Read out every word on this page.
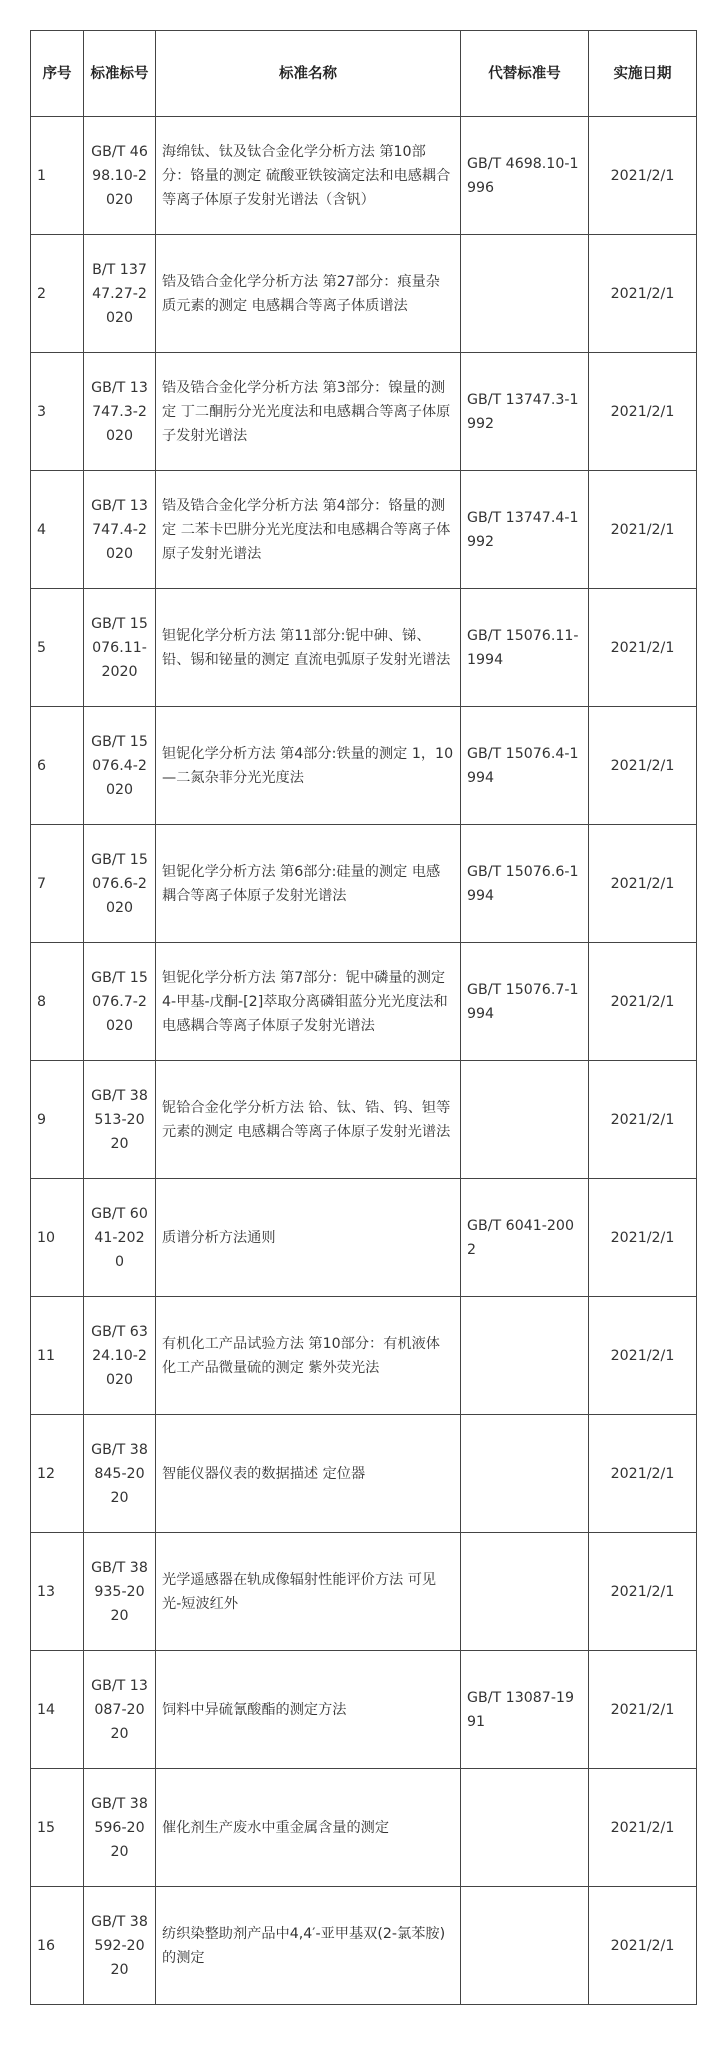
序号	标准标号	标准名称	代替标准号	实施日期
1	GB/T 4698.10-2020	海绵钛、钛及钛合金化学分析方法 第10部分：铬量的测定 硫酸亚铁铵滴定法和电感耦合等离子体原子发射光谱法（含钒）	GB/T 4698.10-1996	2021/2/1
2	B/T 13747.27-2020	锆及锆合金化学分析方法 第27部分：痕量杂质元素的测定 电感耦合等离子体质谱法		2021/2/1
3	GB/T 13747.3-2020	锆及锆合金化学分析方法 第3部分：镍量的测定 丁二酮肟分光光度法和电感耦合等离子体原子发射光谱法	GB/T 13747.3-1992	2021/2/1
4	GB/T 13747.4-2020	锆及锆合金化学分析方法 第4部分：铬量的测定 二苯卡巴肼分光光度法和电感耦合等离子体原子发射光谱法	GB/T 13747.4-1992	2021/2/1
5	GB/T 15076.11-2020	钽铌化学分析方法 第11部分:铌中砷、锑、铅、锡和铋量的测定 直流电弧原子发射光谱法	GB/T 15076.11-1994	2021/2/1
6	GB/T 15076.4-2020	钽铌化学分析方法 第4部分:铁量的测定 1，10—二氮杂菲分光光度法	GB/T 15076.4-1994	2021/2/1
7	GB/T 15076.6-2020	钽铌化学分析方法 第6部分:硅量的测定 电感耦合等离子体原子发射光谱法	GB/T 15076.6-1994	2021/2/1
8	GB/T 15076.7-2020	钽铌化学分析方法 第7部分：铌中磷量的测定 4-甲基-戊酮-[2]萃取分离磷钼蓝分光光度法和电感耦合等离子体原子发射光谱法	GB/T 15076.7-1994	2021/2/1
9	GB/T 38513-2020	铌铪合金化学分析方法 铪、钛、锆、钨、钽等元素的测定 电感耦合等离子体原子发射光谱法		2021/2/1
10	GB/T 6041-2020	质谱分析方法通则	GB/T 6041-2002	2021/2/1
11	GB/T 6324.10-2020	有机化工产品试验方法 第10部分：有机液体化工产品微量硫的测定 紫外荧光法		2021/2/1
12	GB/T 38845-2020	智能仪器仪表的数据描述 定位器		2021/2/1
13	GB/T 38935-2020	光学遥感器在轨成像辐射性能评价方法 可见光-短波红外		2021/2/1
14	GB/T 13087-2020	饲料中异硫氰酸酯的测定方法	GB/T 13087-1991	2021/2/1
15	GB/T 38596-2020	催化剂生产废水中重金属含量的测定		2021/2/1
16	GB/T 38592-2020	纺织染整助剂产品中4,4′-亚甲基双(2-氯苯胺)的测定		2021/2/1
